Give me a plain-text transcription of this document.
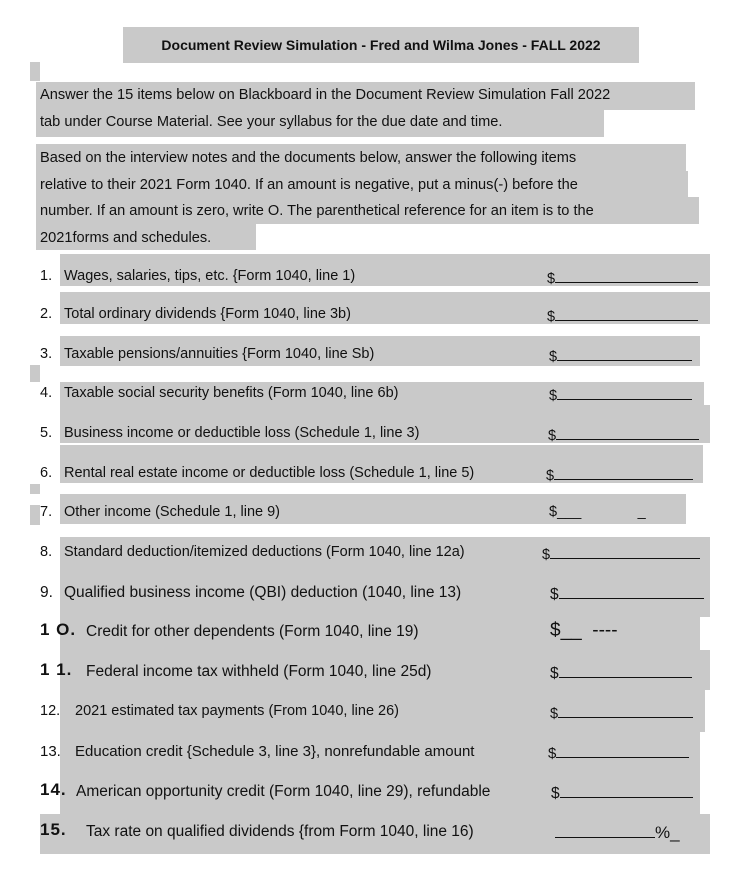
Document Review Simulation - Fred and Wilma Jones - FALL 2022

Answer the 15 items below on Blackboard in the Document Review Simulation Fall 2022
tab under Course Material. See your syllabus for the due date and time.

Based on the interview notes and the documents below, answer the following items
relative to their 2021 Form 1040. If an amount is negative, put a minus(-) before the
number. If an amount is zero, write O. The parenthetical reference for an item is to the
2021forms and schedules.

1. Wages, salaries, tips, etc. {Form 1040, line 1)	$
2. Total ordinary dividends {Form 1040, line 3b)	$
3. Taxable pensions/annuities {Form 1040, line Sb)	$
4. Taxable social security benefits (Form 1040, line 6b)	$
5. Business income or deductible loss (Schedule 1, line 3)	$
6. Rental real estate income or deductible loss (Schedule 1, line 5)	$
7. Other income (Schedule 1, line 9)	$___              _
8. Standard deduction/itemized deductions (Form 1040, line 12a)	$
9. Qualified business income (QBI) deduction (1040, line 13)	$
1 O. Credit for other dependents (Form 1040, line 19)	$__  ----
1 1. Federal income tax withheld (Form 1040, line 25d)	$
12. 2021 estimated tax payments (From 1040, line 26)	$
13. Education credit {Schedule 3, line 3}, nonrefundable amount	$
14. American opportunity credit (Form 1040, line 29), refundable	$
15. Tax rate on qualified dividends {from Form 1040, line 16)	%_
